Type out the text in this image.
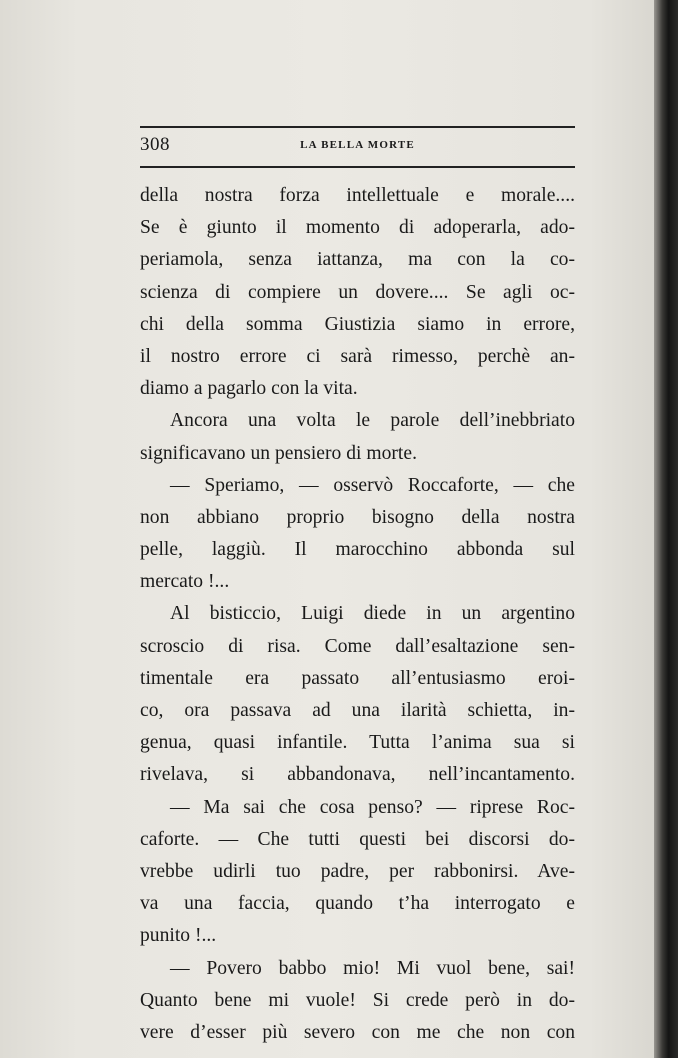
308	LA BELLA MORTE
della nostra forza intellettuale e morale....
Se è giunto il momento di adoperarla, ado-
periamola, senza iattanza, ma con la co-
scienza di compiere un dovere.... Se agli oc-
chi della somma Giustizia siamo in errore,
il nostro errore ci sarà rimesso, perchè an-
diamo a pagarlo con la vita.
Ancora una volta le parole dell’inebbriato
significavano un pensiero di morte.
— Speriamo, — osservò Roccaforte, — che
non abbiano proprio bisogno della nostra
pelle, laggiù. Il marocchino abbonda sul
mercato !...
Al bisticcio, Luigi diede in un argentino
scroscio di risa. Come dall’esaltazione sen-
timentale era passato all’entusiasmo eroi-
co, ora passava ad una ilarità schietta, in-
genua, quasi infantile. Tutta l’anima sua si
rivelava, si abbandonava, nell’incantamento.
— Ma sai che cosa penso? — riprese Roc-
caforte. — Che tutti questi bei discorsi do-
vrebbe udirli tuo padre, per rabbonirsi. Ave-
va una faccia, quando t’ha interrogato e
punito !...
— Povero babbo mio! Mi vuol bene, sai!
Quanto bene mi vuole! Si crede però in do-
vere d’esser più severo con me che non con
